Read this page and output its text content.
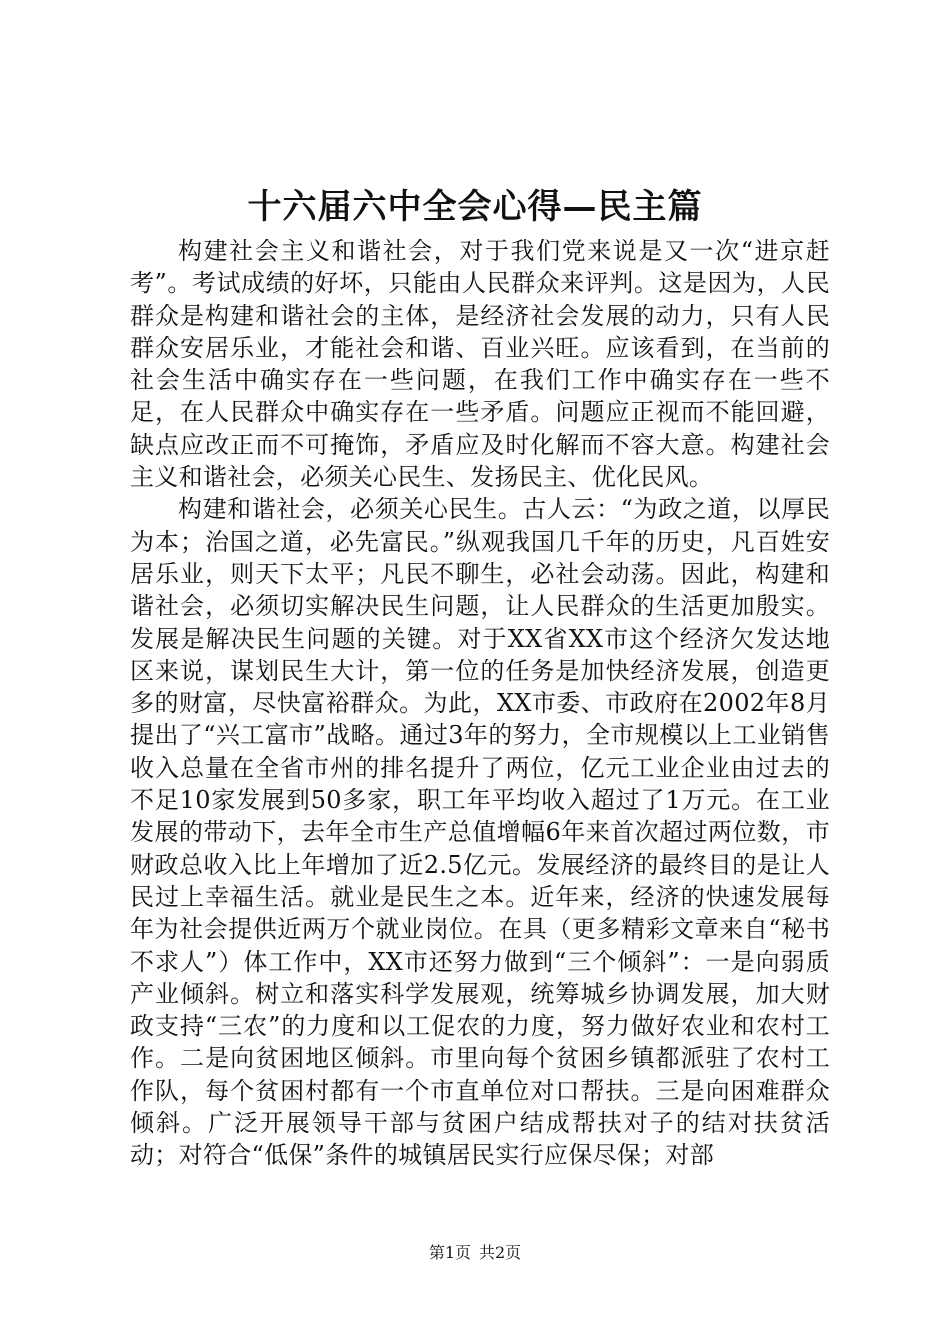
十六届六中全会心得—民主篇

构建社会主义和谐社会，对于我们党来说是又一次“进京赶考”。考试成绩的好坏，只能由人民群众来评判。这是因为，人民群众是构建和谐社会的主体，是经济社会发展的动力，只有人民群众安居乐业，才能社会和谐、百业兴旺。应该看到，在当前的社会生活中确实存在一些问题，在我们工作中确实存在一些不足，在人民群众中确实存在一些矛盾。问题应正视而不能回避，缺点应改正而不可掩饰，矛盾应及时化解而不容大意。构建社会主义和谐社会，必须关心民生、发扬民主、优化民风。

构建和谐社会，必须关心民生。古人云：“为政之道，以厚民为本；治国之道，必先富民。”纵观我国几千年的历史，凡百姓安居乐业，则天下太平；凡民不聊生，必社会动荡。因此，构建和谐社会，必须切实解决民生问题，让人民群众的生活更加殷实。发展是解决民生问题的关键。对于XX省XX市这个经济欠发达地区来说，谋划民生大计，第一位的任务是加快经济发展，创造更多的财富，尽快富裕群众。为此，XX市委、市政府在2002年8月提出了“兴工富市”战略。通过3年的努力，全市规模以上工业销售收入总量在全省市州的排名提升了两位，亿元工业企业由过去的不足10家发展到50多家，职工年平均收入超过了1万元。在工业发展的带动下，去年全市生产总值增幅6年来首次超过两位数，市财政总收入比上年增加了近2.5亿元。发展经济的最终目的是让人民过上幸福生活。就业是民生之本。近年来，经济的快速发展每年为社会提供近两万个就业岗位。在具（更多精彩文章来自“秘书不求人”）体工作中，XX市还努力做到“三个倾斜”：一是向弱质产业倾斜。树立和落实科学发展观，统筹城乡协调发展，加大财政支持“三农”的力度和以工促农的力度，努力做好农业和农村工作。二是向贫困地区倾斜。市里向每个贫困乡镇都派驻了农村工作队，每个贫困村都有一个市直单位对口帮扶。三是向困难群众倾斜。广泛开展领导干部与贫困户结成帮扶对子的结对扶贫活动；对符合“低保”条件的城镇居民实行应保尽保；对部

第1页 共2页
